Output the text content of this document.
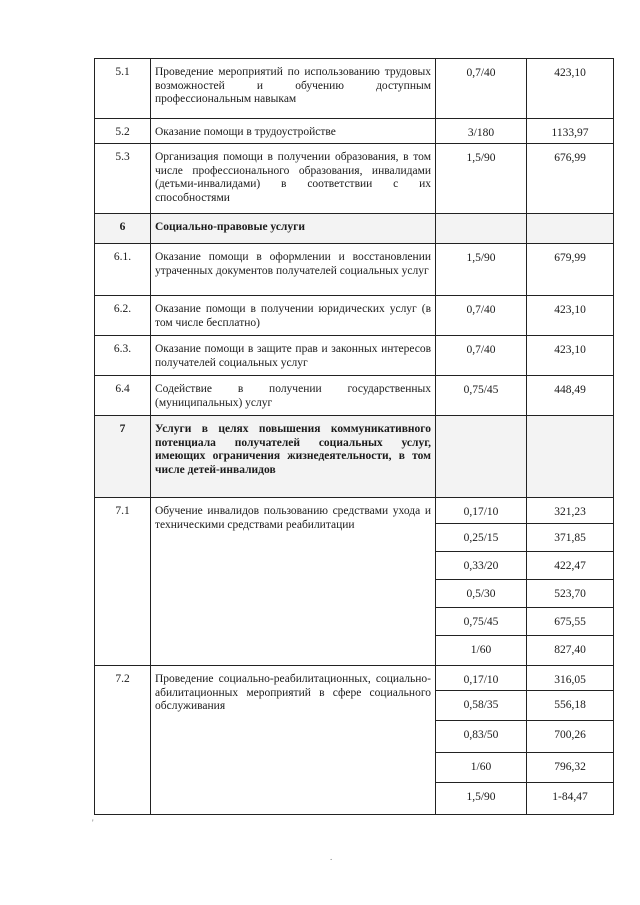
5.1	Проведение мероприятий по использованию трудовых возможностей и обучению доступным профессиональным навыкам	0,7/40	423,10
5.2	Оказание помощи в трудоустройстве	3/180	1133,97
5.3	Организация помощи в получении образования, в том числе профессионального образования, инвалидами (детьми-инвалидами) в соответствии с их способностями	1,5/90	676,99
6	Социально-правовые услуги		
6.1.	Оказание помощи в оформлении и восстановлении утраченных документов получателей социальных услуг	1,5/90	679,99
6.2.	Оказание помощи в получении юридических услуг (в том числе бесплатно)	0,7/40	423,10
6.3.	Оказание помощи в защите прав и законных интересов получателей социальных услуг	0,7/40	423,10
6.4	Содействие в получении государственных (муниципальных) услуг	0,75/45	448,49
7	Услуги в целях повышения коммуникативного потенциала получателей социальных услуг, имеющих ограничения жизнедеятельности, в том числе детей-инвалидов		
7.1	Обучение инвалидов пользованию средствами ухода и техническими средствами реабилитации	0,17/10	321,23
		0,25/15	371,85
		0,33/20	422,47
		0,5/30	523,70
		0,75/45	675,55
		1/60	827,40
7.2	Проведение социально-реабилитационных, социально-абилитационных мероприятий в сфере социального обслуживания	0,17/10	316,05
		0,58/35	556,18
		0,83/50	700,26
		1/60	796,32
		1,5/90	1-84,47
'
.
